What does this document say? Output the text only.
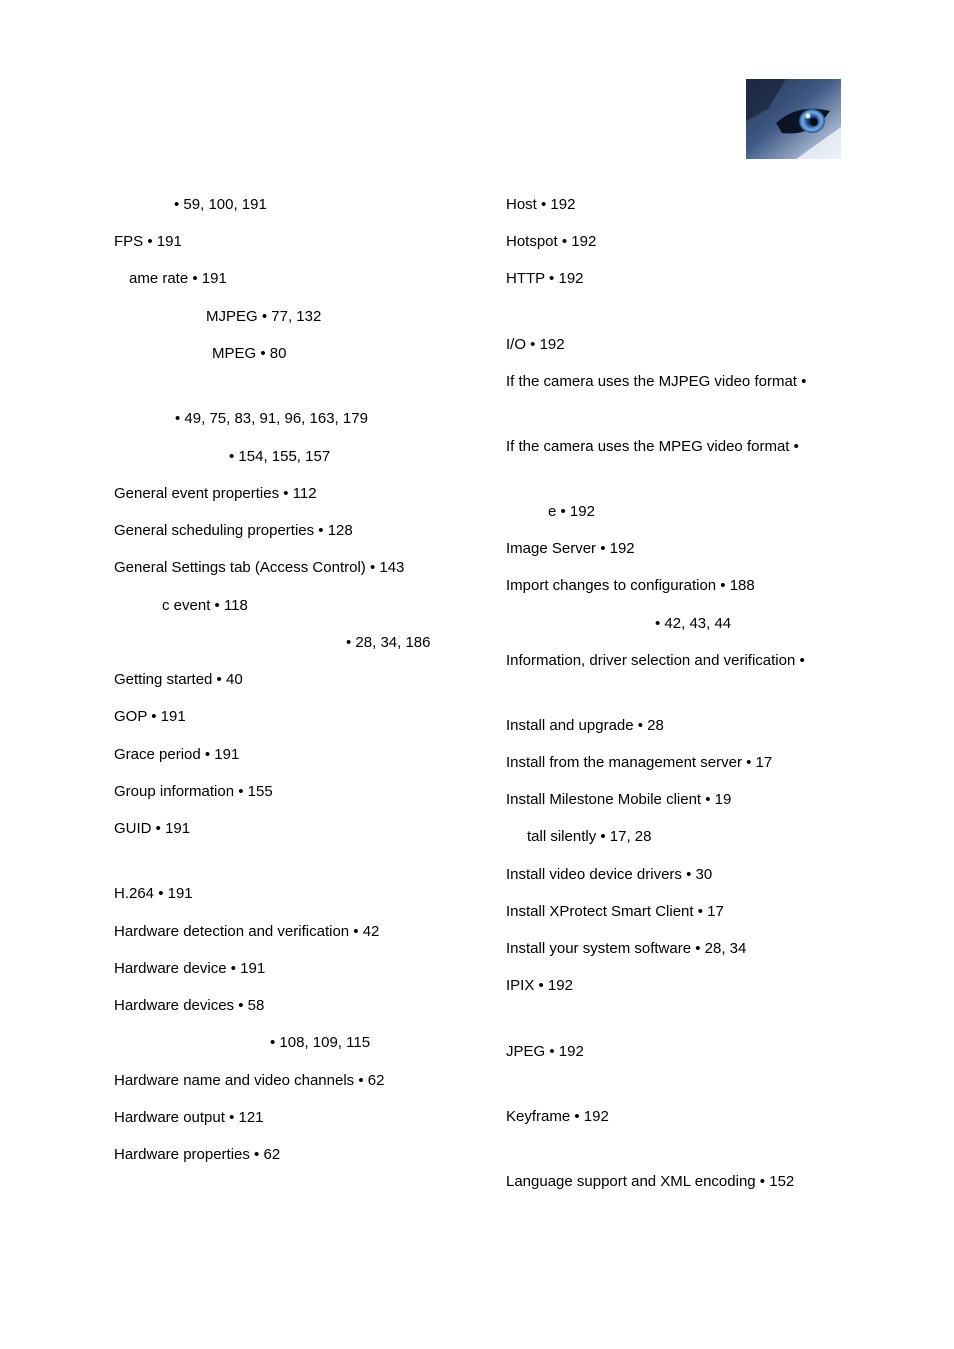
• 59, 100, 191
FPS • 191
ame rate • 191
MJPEG • 77, 132
MPEG • 80
• 49, 75, 83, 91, 96, 163, 179
• 154, 155, 157
General event properties • 112
General scheduling properties • 128
General Settings tab (Access Control) • 143
c event • 118
• 28, 34, 186
Getting started • 40
GOP • 191
Grace period • 191
Group information • 155
GUID • 191
H.264 • 191
Hardware detection and verification • 42
Hardware device • 191
Hardware devices • 58
• 108, 109, 115
Hardware name and video channels • 62
Hardware output • 121
Hardware properties • 62
Host • 192
Hotspot • 192
HTTP • 192
I/O • 192
If the camera uses the MJPEG video format •
If the camera uses the MPEG video format •
e • 192
Image Server • 192
Import changes to configuration • 188
• 42, 43, 44
Information, driver selection and verification •
Install and upgrade • 28
Install from the management server • 17
Install Milestone Mobile client • 19
tall silently • 17, 28
Install video device drivers • 30
Install XProtect Smart Client • 17
Install your system software • 28, 34
IPIX • 192
JPEG • 192
Keyframe • 192
Language support and XML encoding • 152
